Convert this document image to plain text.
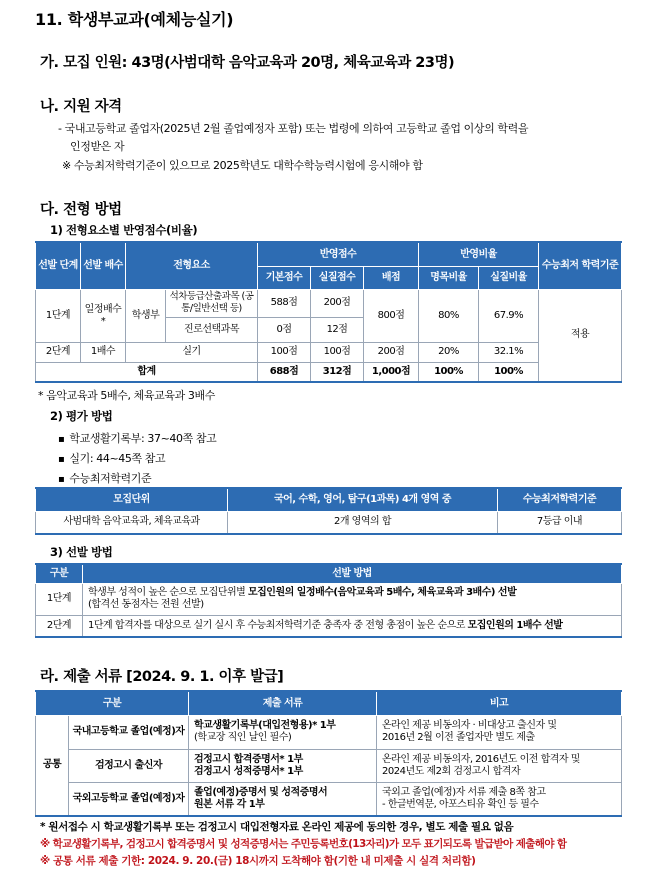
11. 학생부교과(예체능실기)
가. 모집 인원: 43명(사범대학 음악교육과 20명, 체육교육과 23명)
나. 지원 자격
- 국내고등학교 졸업자(2025년 2월 졸업예정자 포함) 또는 법령에 의하여 고등학교 졸업 이상의 학력을
인정받은 자
※ 수능최저학력기준이 있으므로 2025학년도 대학수학능력시험에 응시해야 함
다. 전형 방법
1) 전형요소별 반영점수(비율)
선발 단계	선발 배수	전형요소		반영점수			반영비율		수능최저 학력기준
				기본점수	실질점수	배점	명목비율	실질비율	
1단계	일정배수*	학생부	석차등급산출과목 (공통/일반선택 등)	588점	200점	800점	80%	67.9%	적용
			진로선택과목	0점	12점				
2단계	1배수	실기		100점	100점	200점	20%	32.1%	
합계				688점	312점	1,000점	100%	100%	
* 음악교육과 5배수, 체육교육과 3배수
2) 평가 방법
▪ 학교생활기록부: 37~40쪽 참고
▪ 실기: 44~45쪽 참고
▪ 수능최저학력기준
모집단위	국어, 수학, 영어, 탐구(1과목) 4개 영역 중	수능최저학력기준
사범대학 음악교육과, 체육교육과	2개 영역의 합	7등급 이내
3) 선발 방법
구분	선발 방법
1단계	학생부 성적이 높은 순으로 모집단위별 모집인원의 일정배수(음악교육과 5배수, 체육교육과 3배수) 선발
(합격선 동점자는 전원 선발)
2단계	1단계 합격자를 대상으로 실기 실시 후 수능최저학력기준 충족자 중 전형 총점이 높은 순으로 모집인원의 1배수 선발
라. 제출 서류 [2024. 9. 1. 이후 발급]
구분		제출 서류	비고
공통	국내고등학교 졸업(예정)자	학교생활기록부(대입전형용)* 1부
(학교장 직인 날인 필수)	온라인 제공 비동의자 · 비대상고 출신자 및
2016년 2월 이전 졸업자만 별도 제출
	검정고시 출신자	검정고시 합격증명서* 1부
검정고시 성적증명서* 1부	온라인 제공 비동의자, 2016년도 이전 합격자 및
2024년도 제2회 검정고시 합격자
	국외고등학교 졸업(예정)자	졸업(예정)증명서 및 성적증명서
원본 서류 각 1부	국외고 졸업(예정)자 서류 제출 8쪽 참고
- 한글번역문, 아포스티유 확인 등 필수
* 원서접수 시 학교생활기록부 또는 검정고시 대입전형자료 온라인 제공에 동의한 경우, 별도 제출 필요 없음
※ 학교생활기록부, 검정고시 합격증명서 및 성적증명서는 주민등록번호(13자리)가 모두 표기되도록 발급받아 제출해야 함
※ 공통 서류 제출 기한: 2024. 9. 20.(금) 18시까지 도착해야 함(기한 내 미제출 시 실격 처리함)
